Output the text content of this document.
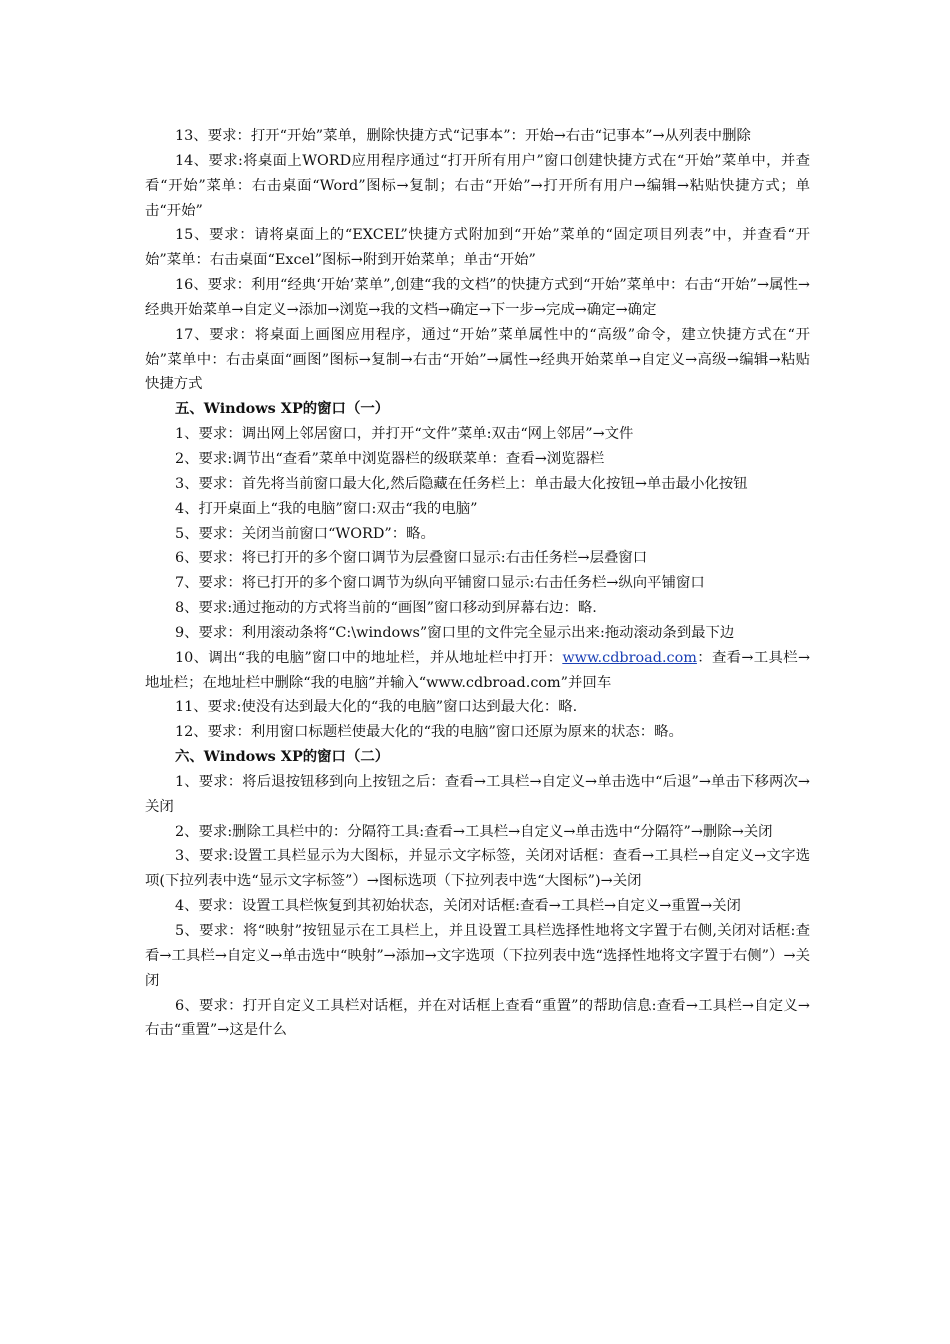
13、要求：打开“开始”菜单，删除快捷方式“记事本”：开始→右击“记事本”→从列表中删除

14、要求:将桌面上WORD应用程序通过“打开所有用户”窗口创建快捷方式在“开始”菜单中，并查看“开始”菜单：右击桌面“Word”图标→复制；右击“开始”→打开所有用户→编辑→粘贴快捷方式；单击“开始”

15、要求：请将桌面上的“EXCEL”快捷方式附加到“开始”菜单的“固定项目列表”中，并查看“开始”菜单：右击桌面“Excel”图标→附到开始菜单；单击“开始”

16、要求：利用“经典‘开始’菜单”,创建“我的文档”的快捷方式到“开始”菜单中：右击“开始”→属性→经典开始菜单→自定义→添加→浏览→我的文档→确定→下一步→完成→确定→确定

17、要求：将桌面上画图应用程序，通过“开始”菜单属性中的“高级”命令，建立快捷方式在“开始”菜单中：右击桌面“画图”图标→复制→右击“开始”→属性→经典开始菜单→自定义→高级→编辑→粘贴快捷方式

五、Windows XP的窗口（一）

1、要求：调出网上邻居窗口，并打开“文件”菜单:双击“网上邻居”→文件

2、要求:调节出“查看”菜单中浏览器栏的级联菜单：查看→浏览器栏

3、要求：首先将当前窗口最大化,然后隐藏在任务栏上：单击最大化按钮→单击最小化按钮

4、打开桌面上“我的电脑”窗口:双击“我的电脑”

5、要求：关闭当前窗口“WORD”：略。

6、要求：将已打开的多个窗口调节为层叠窗口显示:右击任务栏→层叠窗口

7、要求：将已打开的多个窗口调节为纵向平铺窗口显示:右击任务栏→纵向平铺窗口

8、要求:通过拖动的方式将当前的“画图”窗口移动到屏幕右边：略.

9、要求：利用滚动条将“C:\windows”窗口里的文件完全显示出来:拖动滚动条到最下边

10、调出“我的电脑”窗口中的地址栏，并从地址栏中打开：www.cdbroad.com：查看→工具栏→地址栏；在地址栏中删除“我的电脑”并输入“www.cdbroad.com”并回车

11、要求:使没有达到最大化的“我的电脑”窗口达到最大化：略.

12、要求：利用窗口标题栏使最大化的“我的电脑”窗口还原为原来的状态：略。

六、Windows XP的窗口（二）

1、要求：将后退按钮移到向上按钮之后：查看→工具栏→自定义→单击选中“后退”→单击下移两次→关闭

2、要求:删除工具栏中的：分隔符工具:查看→工具栏→自定义→单击选中“分隔符”→删除→关闭

3、要求:设置工具栏显示为大图标，并显示文字标签，关闭对话框：查看→工具栏→自定义→文字选项(下拉列表中选“显示文字标签”）→图标选项（下拉列表中选“大图标”)→关闭

4、要求：设置工具栏恢复到其初始状态，关闭对话框:查看→工具栏→自定义→重置→关闭

5、要求：将“映射”按钮显示在工具栏上，并且设置工具栏选择性地将文字置于右侧,关闭对话框:查看→工具栏→自定义→单击选中“映射”→添加→文字选项（下拉列表中选“选择性地将文字置于右侧”）→关闭

6、要求：打开自定义工具栏对话框，并在对话框上查看“重置”的帮助信息:查看→工具栏→自定义→右击“重置”→这是什么
